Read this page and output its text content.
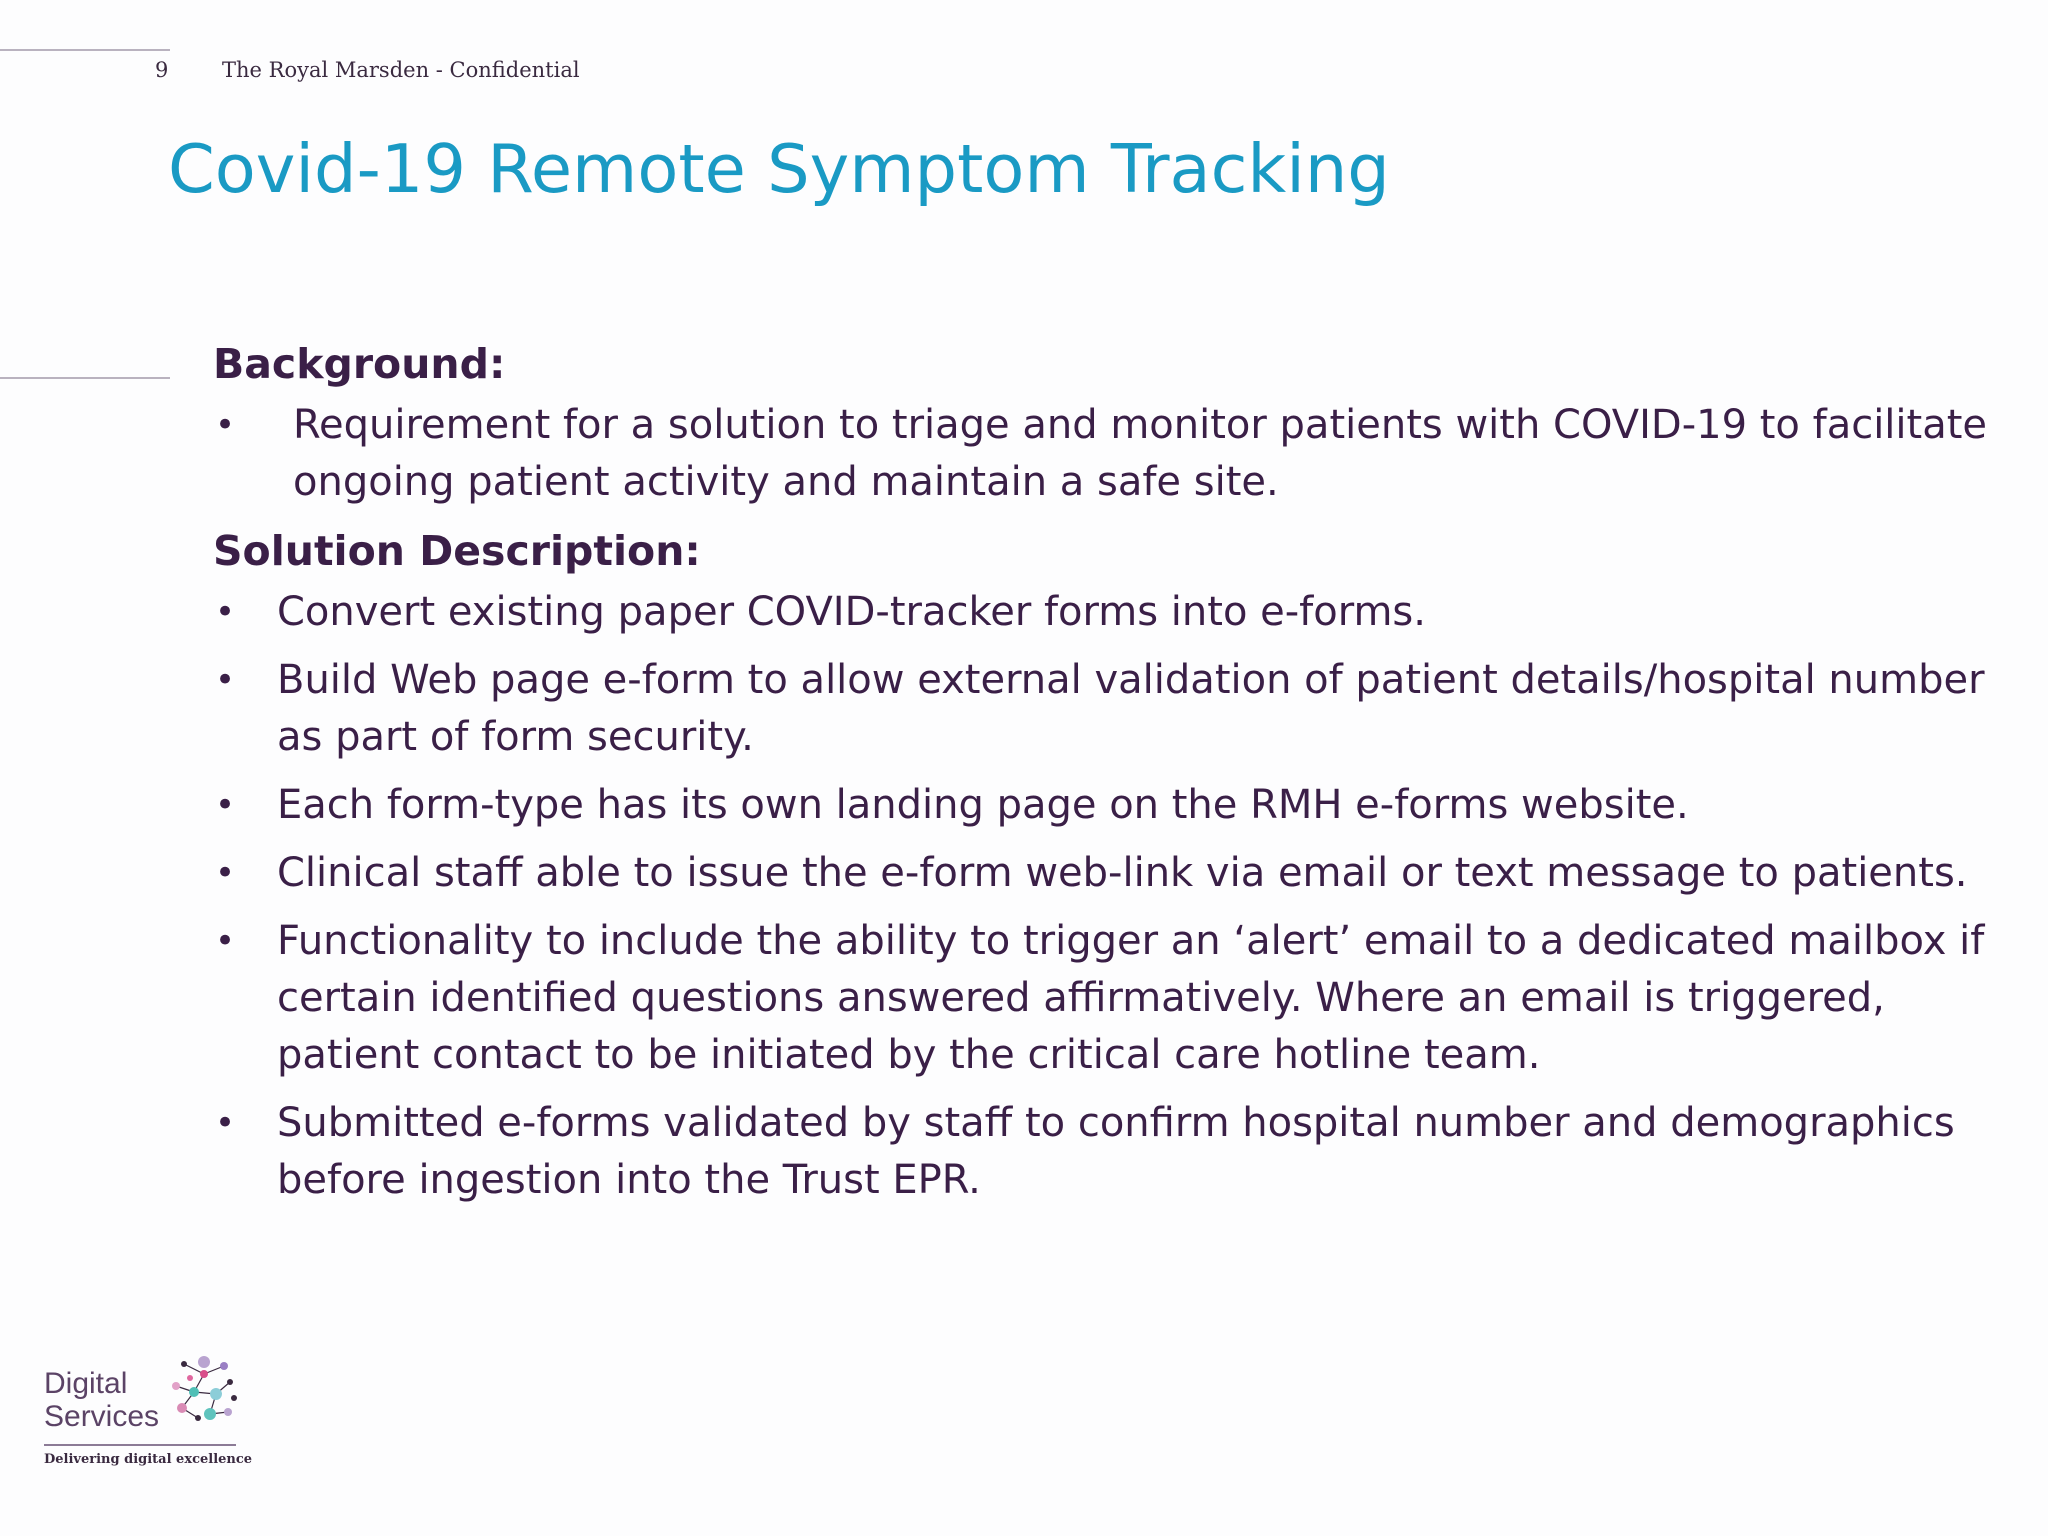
9	The Royal Marsden - Confidential
Covid-19 Remote Symptom Tracking

Background:

• Requirement for a solution to triage and monitor patients with COVID-19 to facilitate ongoing patient activity and maintain a safe site.

Solution Description:

• Convert existing paper COVID-tracker forms into e-forms.
• Build Web page e-form to allow external validation of patient details/hospital number as part of form security.
• Each form-type has its own landing page on the RMH e-forms website.
• Clinical staff able to issue the e-form web-link via email or text message to patients.
• Functionality to include the ability to trigger an ‘alert’ email to a dedicated mailbox if certain identified questions answered affirmatively. Where an email is triggered, patient contact to be initiated by the critical care hotline team.
• Submitted e-forms validated by staff to confirm hospital number and demographics before ingestion into the Trust EPR.
Digital
Services
Delivering digital excellence
